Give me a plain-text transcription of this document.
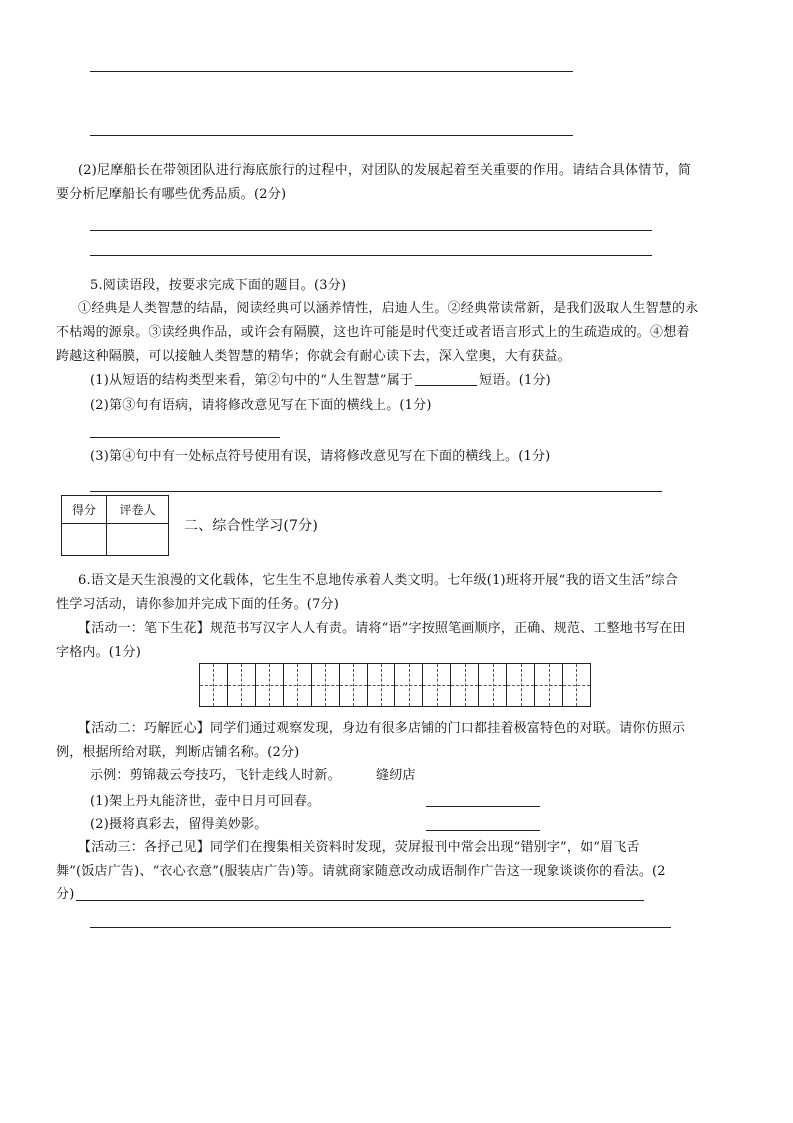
(2)尼摩船长在带领团队进行海底旅行的过程中，对团队的发展起着至关重要的作用。请结合具体情节，简
要分析尼摩船长有哪些优秀品质。(2分)
5.阅读语段，按要求完成下面的题目。(3分)
①经典是人类智慧的结晶，阅读经典可以涵养情性，启迪人生。②经典常读常新，是我们汲取人生智慧的永
不枯竭的源泉。③读经典作品，或许会有隔膜，这也许可能是时代变迁或者语言形式上的生疏造成的。④想着
跨越这种隔膜，可以接触人类智慧的精华；你就会有耐心读下去，深入堂奥，大有获益。
(1)从短语的结构类型来看，第②句中的“人生智慧”属于	短语。(1分)
(2)第③句有语病，请将修改意见写在下面的横线上。(1分)
(3)第④句中有一处标点符号使用有误，请将修改意见写在下面的横线上。(1分)
得分	评卷人

二、综合性学习(7分)
6.语文是天生浪漫的文化载体，它生生不息地传承着人类文明。七年级(1)班将开展“我的语文生活”综合
性学习活动，请你参加并完成下面的任务。(7分)
【活动一：笔下生花】规范书写汉字人人有责。请将“语”字按照笔画顺序，正确、规范、工整地书写在田
字格内。(1分)
【活动二：巧解匠心】同学们通过观察发现，身边有很多店铺的门口都挂着极富特色的对联。请你仿照示
例，根据所给对联，判断店铺名称。(2分)
示例：剪锦裁云夸技巧，飞针走线人时新。	缝纫店
(1)架上丹丸能济世，壶中日月可回春。
(2)摄将真彩去，留得美妙影。
【活动三：各抒己见】同学们在搜集相关资料时发现，荧屏报刊中常会出现“错别字”，如“眉飞舌
舞”(饭店广告)、“衣心衣意”(服装店广告)等。请就商家随意改动成语制作广告这一现象谈谈你的看法。(2
分)
